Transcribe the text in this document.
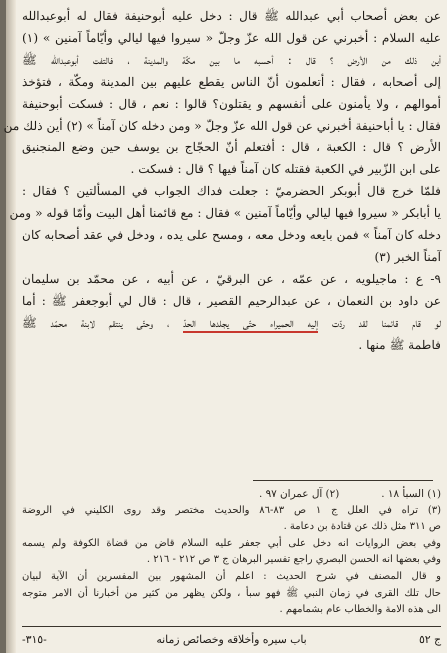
عن بعض أصحاب أبي عبدالله ﷺ قال : دخل عليه أبوحنيفة فقال له أبوعبدالله
عليه السلام : أخبرني عن قول الله عزّ وجلّ « سيروا فيها ليالي وأيّاماً آمنين » (١)
أين ذلك من الأرض ؟ قال : أحسبه ما بين مكّة والمدينة ، فالتفت أبوعبدالله ﷺ
إلى أصحابه ، فقال : أتعلمون أنّ الناس يقطع عليهم بين المدينة ومكّة ، فتؤخذ
أموالهم ، ولا يأمنون على أنفسهم و يقتلون؟ قالوا : نعم ، قال : فسكت أبوحنيفة
فقال : يا أباحنيفة أخبرني عن قول الله عزّ وجلّ « ومن دخله كان آمناً » (٢) أين ذلك من
الأرض ؟ قال : الكعبة ، قال : أفتعلم أنّ الحجّاج بن يوسف حين وضع المنجنيق
على ابن الزّبير في الكعبة فقتله كان آمناً فيها ؟ قال : فسكت .
فلمّا خرج قال أبوبكر الحضرميّ : جعلت فداك الجواب في المسألتين ؟ فقال :
يا أبابكر « سيروا فيها ليالي وأيّاماً آمنين » فقال : مع قائمنا أهل البيت وأمّا قوله « ومن
دخله كان آمناً » فمن بايعه ودخل معه ، ومسح على يده ، ودخل في عقد أصحابه كان
آمناً الخبر (٣)
٩- ع : ماجيلويه ، عن عمّه ، عن البرقيّ ، عن أبيه ، عن محمّد بن سليمان
عن داود بن النعمان ، عن عبدالرحيم القصير ، قال : قال لي أبوجعفر ﷺ : أما
لو قام قائمنا لقد ردّت إليه الحميراء حتّى يجلدها الحدّ ، وحتّى ينتقم لابنة محمّد ﷺ
فاطمة ﷺ منها .
(١) السبأ ١٨ .
(٢) آل عمران ٩٧ .
(٣) تراه في العلل ج ١ ص ٨٣-٨٦ والحديث مختصر وقد روى الكليني في الروضة
ص ٣١١ مثل ذلك عن قتادة بن دعامة .
وفي بعض الروايات انه دخل على أبي جعفر عليه السلام قاض من قضاة الكوفة ولم يسمه
وفي بعضها انه الحسن البصري راجع تفسير البرهان ج ٣ ص ٢١٢ - ٢١٦ .
و قال المصنف في شرح الحديث : اعلم أن المشهور بين المفسرين أن الآية لبيان
حال تلك القرى في زمان النبي ﷺ فهو سبأ ، ولكن يظهر من كثير من أخبارنا أن الامر متوجه
الى هذه الامة والخطاب عام بشمامهم .
-٣١٥-	باب سيره وأخلاقه وخصائص زمانه	ج ٥٢
